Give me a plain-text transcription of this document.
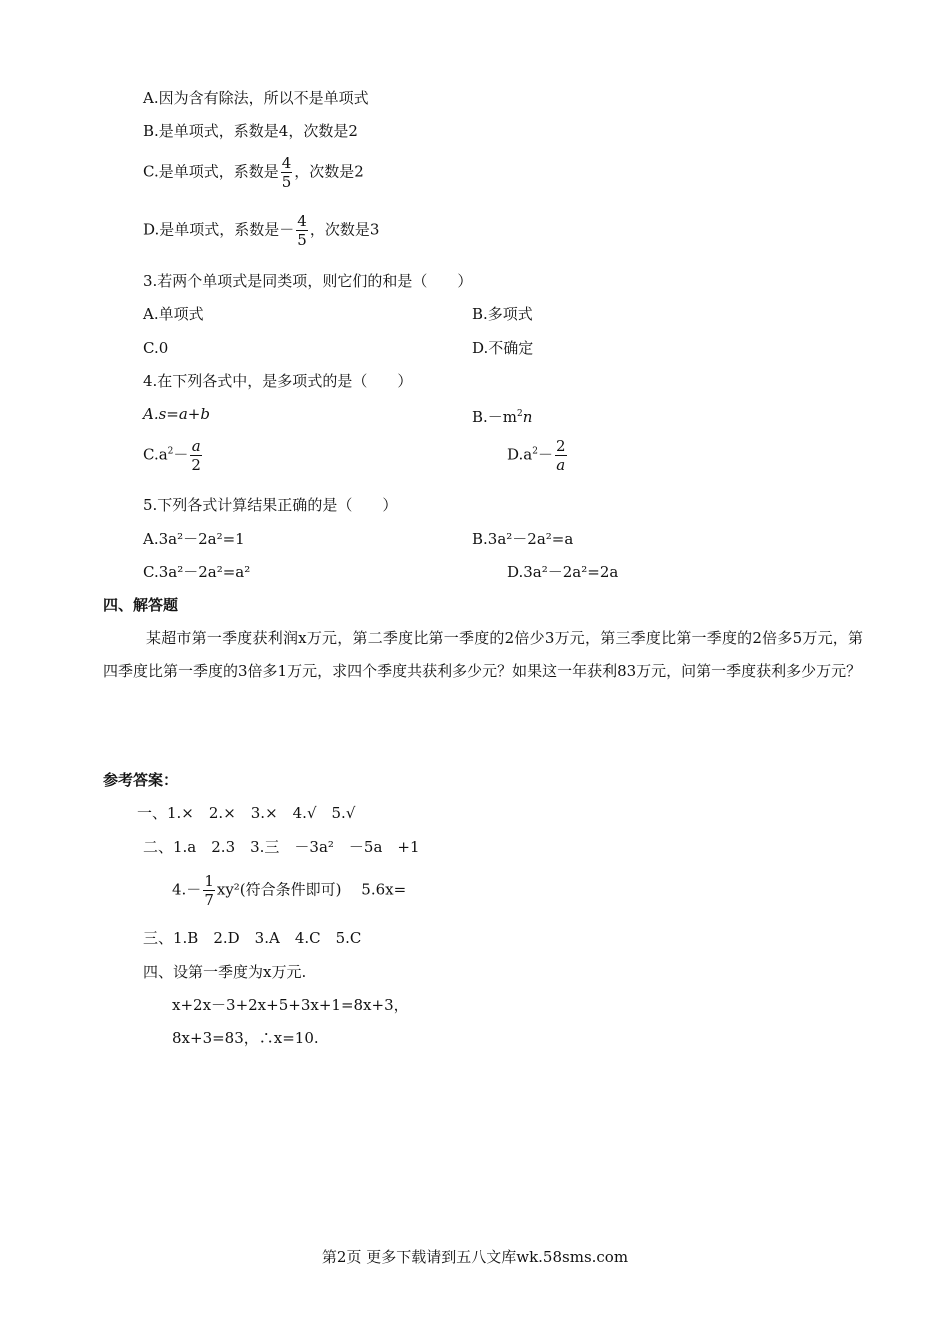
A.因为含有除法，所以不是单项式
B.是单项式，系数是4，次数是2
C.是单项式，系数是 $\frac{4}{5}$ ，次数是2
D.是单项式，系数是－ $\frac{4}{5}$ ，次数是3
3.若两个单项式是同类项，则它们的和是（　　）
A.单项式	B.多项式
C.0	D.不确定
4.在下列各式中，是多项式的是（　　）
A.s=a+b	$B.-m^2n$
$C.a^2- \frac{a}{2}$	$D.a^2- \frac{2}{a}$
5.下列各式计算结果正确的是（　　）
A.3a²－2a²=1	B.3a²－2a²=a
C.3a²－2a²=a²	D.3a²－2a²=2a
四、解答题
某超市第一季度获利润x万元，第二季度比第一季度的2倍少3万元，第三季度比第一季度的2倍多5万元，第四季度比第一季度的3倍多1万元，求四个季度共获利多少元？如果这一年获利83万元，问第一季度获利多少万元？
参考答案：
一、1.×　2.×　3.×　4.√　5.√
二、1.a　2.3　3.三　－3a²　－5a　+1
$4.- \frac{1}{7} xy^2$(符合条件即可)　 5.6x=
三、1.B　2.D　3.A　4.C　5.C
四、设第一季度为x万元.
x+2x－3+2x+5+3x+1=8x+3，
8x+3=83，∴x=10.
第2页 更多下载请到五八文库wk.58sms.com
